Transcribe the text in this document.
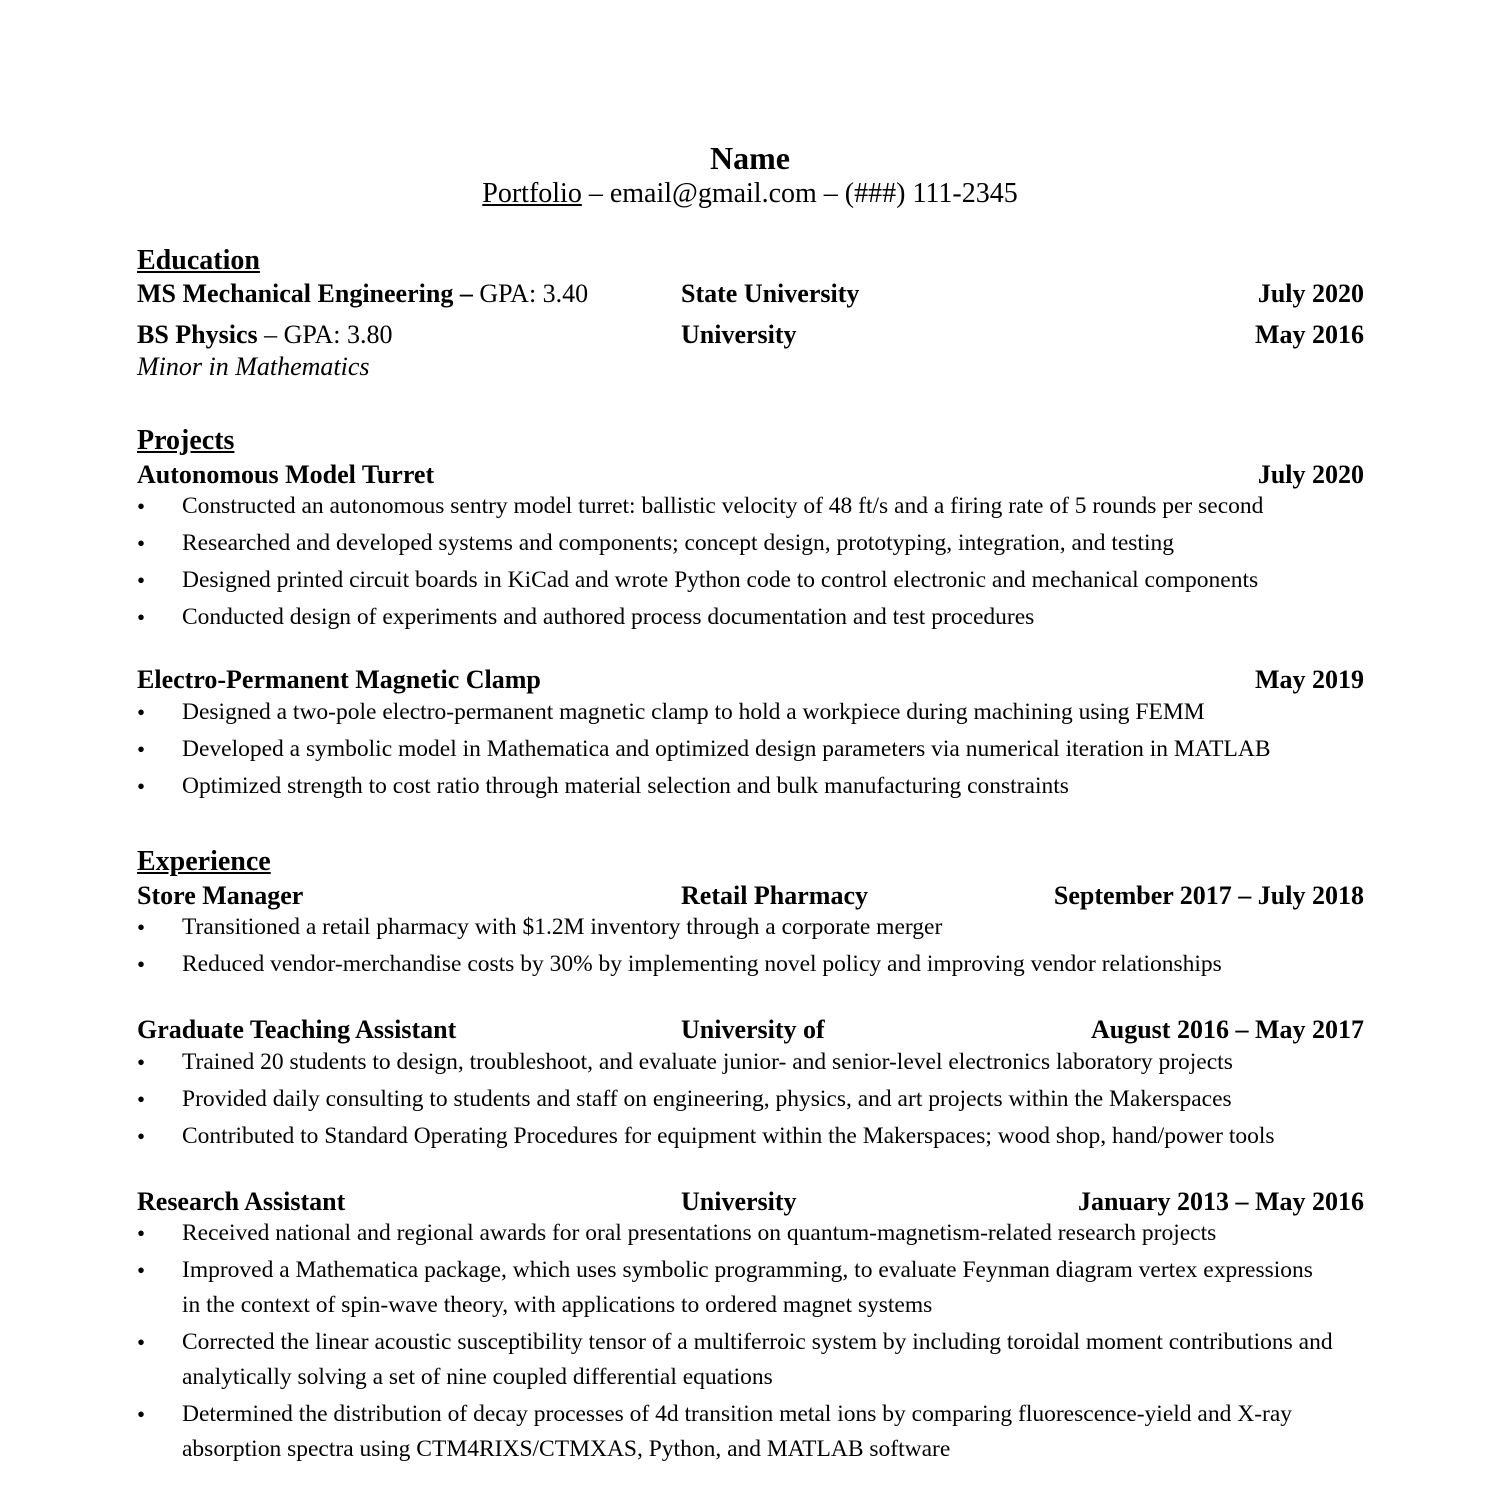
Name
Portfolio – email@gmail.com – (###) 111-2345
Education
MS Mechanical Engineering – GPA: 3.40	State University	July 2020
BS Physics – GPA: 3.80	University	May 2016
Minor in Mathematics
Projects
Autonomous Model Turret	July 2020
• Constructed an autonomous sentry model turret: ballistic velocity of 48 ft/s and a firing rate of 5 rounds per second
• Researched and developed systems and components; concept design, prototyping, integration, and testing
• Designed printed circuit boards in KiCad and wrote Python code to control electronic and mechanical components
• Conducted design of experiments and authored process documentation and test procedures
Electro-Permanent Magnetic Clamp	May 2019
• Designed a two-pole electro-permanent magnetic clamp to hold a workpiece during machining using FEMM
• Developed a symbolic model in Mathematica and optimized design parameters via numerical iteration in MATLAB
• Optimized strength to cost ratio through material selection and bulk manufacturing constraints
Experience
Store Manager	Retail Pharmacy	September 2017 – July 2018
• Transitioned a retail pharmacy with $1.2M inventory through a corporate merger
• Reduced vendor-merchandise costs by 30% by implementing novel policy and improving vendor relationships
Graduate Teaching Assistant	University of	August 2016 – May 2017
• Trained 20 students to design, troubleshoot, and evaluate junior- and senior-level electronics laboratory projects
• Provided daily consulting to students and staff on engineering, physics, and art projects within the Makerspaces
• Contributed to Standard Operating Procedures for equipment within the Makerspaces; wood shop, hand/power tools
Research Assistant	University	January 2013 – May 2016
• Received national and regional awards for oral presentations on quantum-magnetism-related research projects
• Improved a Mathematica package, which uses symbolic programming, to evaluate Feynman diagram vertex expressions in the context of spin-wave theory, with applications to ordered magnet systems
• Corrected the linear acoustic susceptibility tensor of a multiferroic system by including toroidal moment contributions and analytically solving a set of nine coupled differential equations
• Determined the distribution of decay processes of 4d transition metal ions by comparing fluorescence-yield and X-ray absorption spectra using CTM4RIXS/CTMXAS, Python, and MATLAB software
